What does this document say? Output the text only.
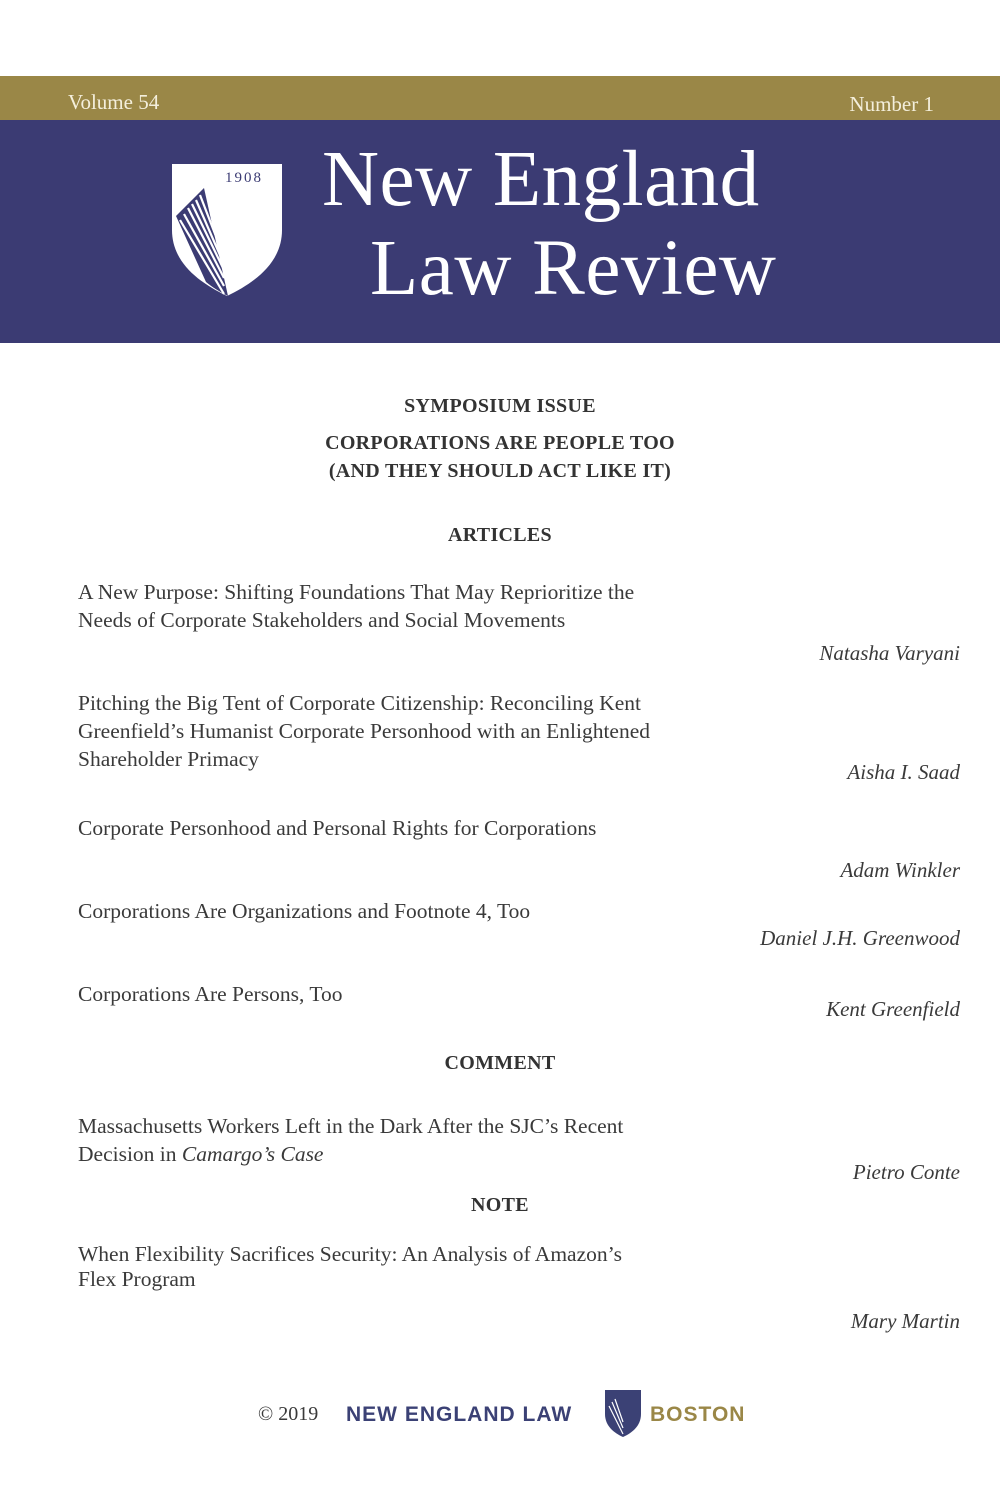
Volume 54	Number 1
1908 New England
Law Review
SYMPOSIUM ISSUE
CORPORATIONS ARE PEOPLE TOO
(AND THEY SHOULD ACT LIKE IT)
ARTICLES
A New Purpose: Shifting Foundations That May Reprioritize the
Needs of Corporate Stakeholders and Social Movements
Natasha Varyani
Pitching the Big Tent of Corporate Citizenship: Reconciling Kent
Greenfield’s Humanist Corporate Personhood with an Enlightened
Shareholder Primacy
Aisha I. Saad
Corporate Personhood and Personal Rights for Corporations
Adam Winkler
Corporations Are Organizations and Footnote 4, Too
Daniel J.H. Greenwood
Corporations Are Persons, Too
Kent Greenfield
COMMENT
Massachusetts Workers Left in the Dark After the SJC’s Recent
Decision in Camargo’s Case
Pietro Conte
NOTE
When Flexibility Sacrifices Security: An Analysis of Amazon’s
Flex Program
Mary Martin
© 2019 NEW ENGLAND LAW	BOSTON
